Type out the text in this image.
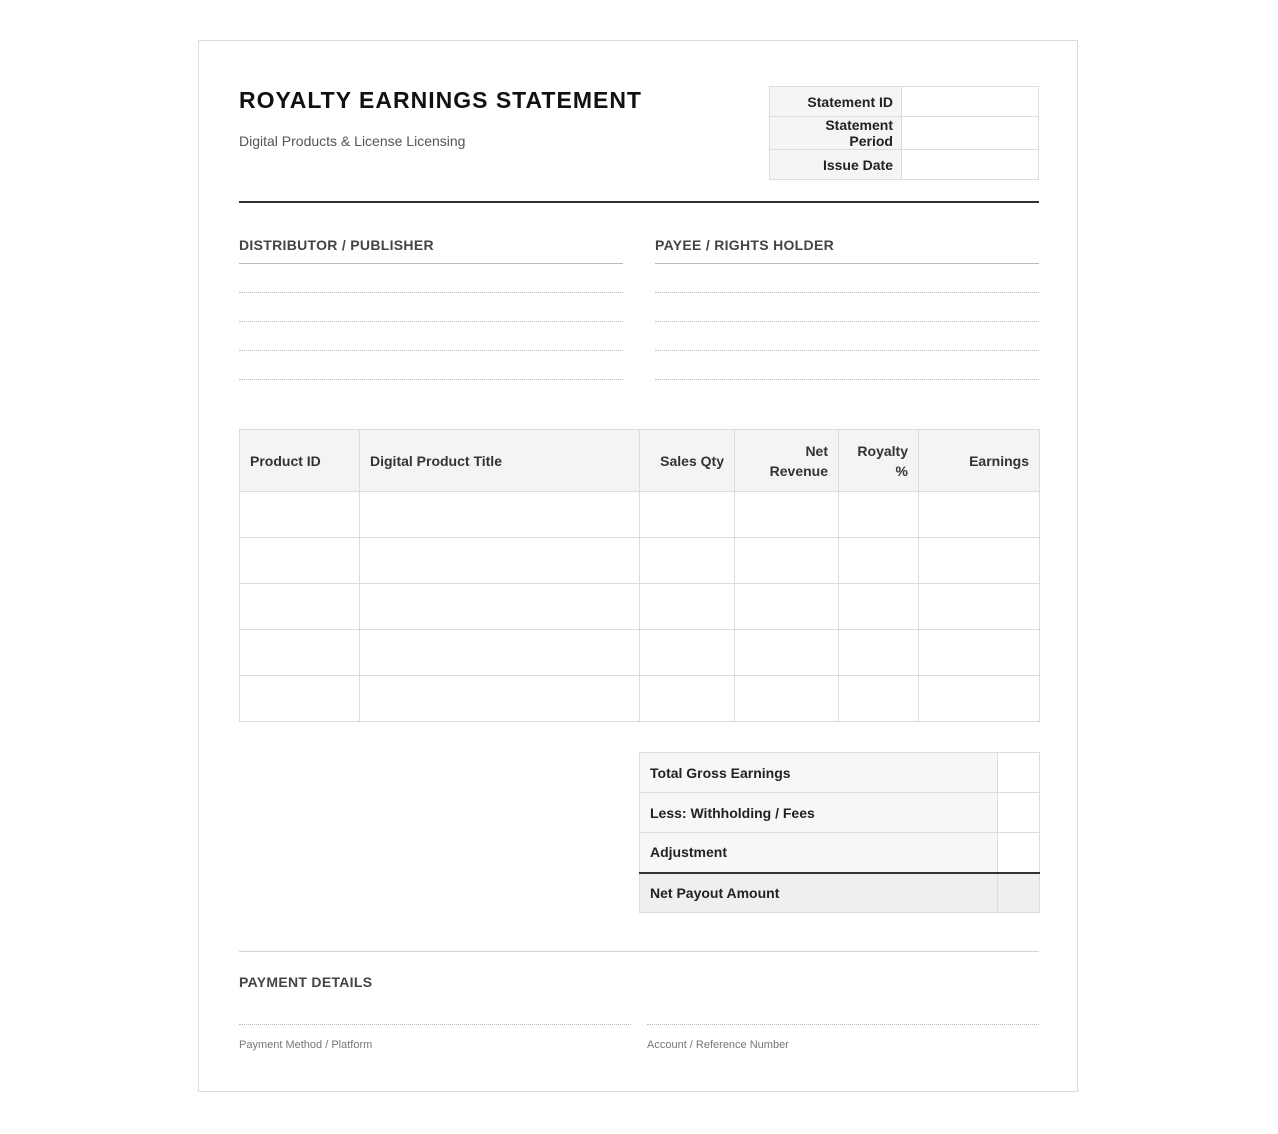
ROYALTY EARNINGS STATEMENT
Digital Products & License Licensing
Statement ID	
Statement Period	
Issue Date	
DISTRIBUTOR / PUBLISHER	PAYEE / RIGHTS HOLDER
Product ID	Digital Product Title	Sales Qty	Net Revenue	Royalty %	Earnings

Total Gross Earnings	
Less: Withholding / Fees	
Adjustment	
Net Payout Amount	
PAYMENT DETAILS
Payment Method / Platform	Account / Reference Number
